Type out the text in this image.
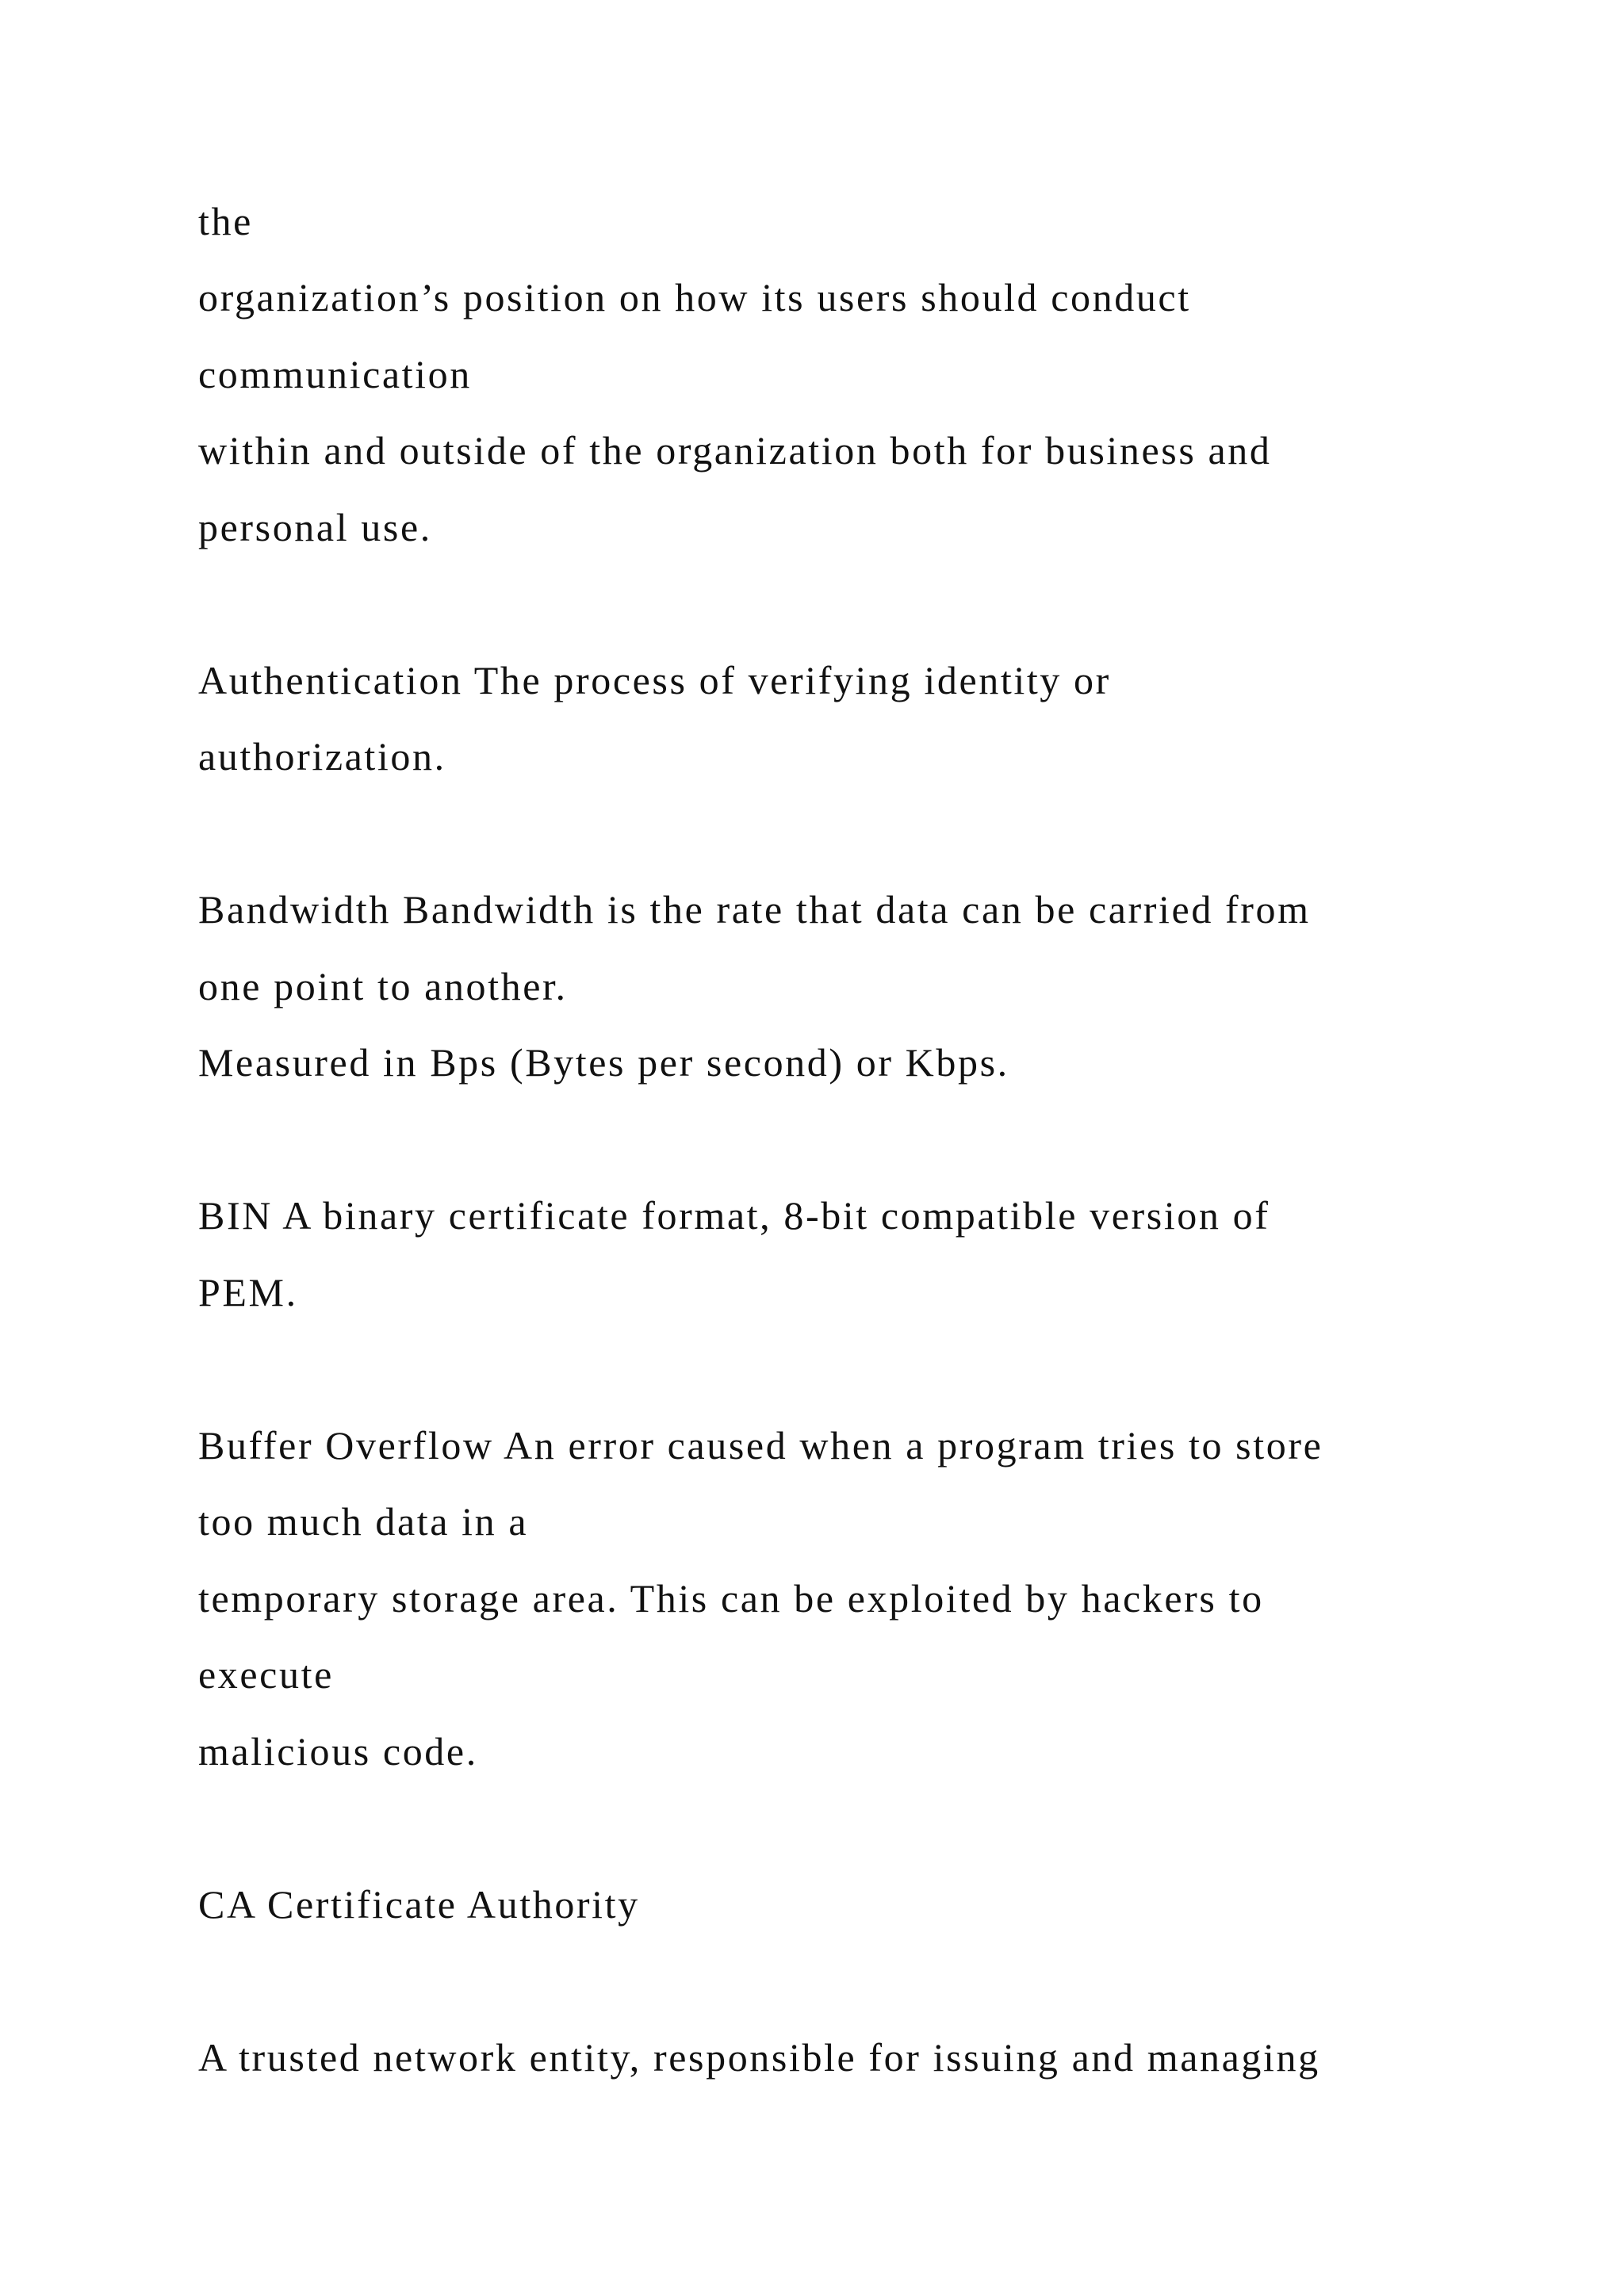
the

organization’s position on how its users should conduct

communication

within and outside of the organization both for business and

personal use.

Authentication The process of verifying identity or

authorization.

Bandwidth Bandwidth is the rate that data can be carried from

one point to another.

Measured in Bps (Bytes per second) or Kbps.

BIN A binary certificate format, 8-bit compatible version of

PEM.

Buffer Overflow An error caused when a program tries to store

too much data in a

temporary storage area. This can be exploited by hackers to

execute

malicious code.

CA Certificate Authority

A trusted network entity, responsible for issuing and managing
